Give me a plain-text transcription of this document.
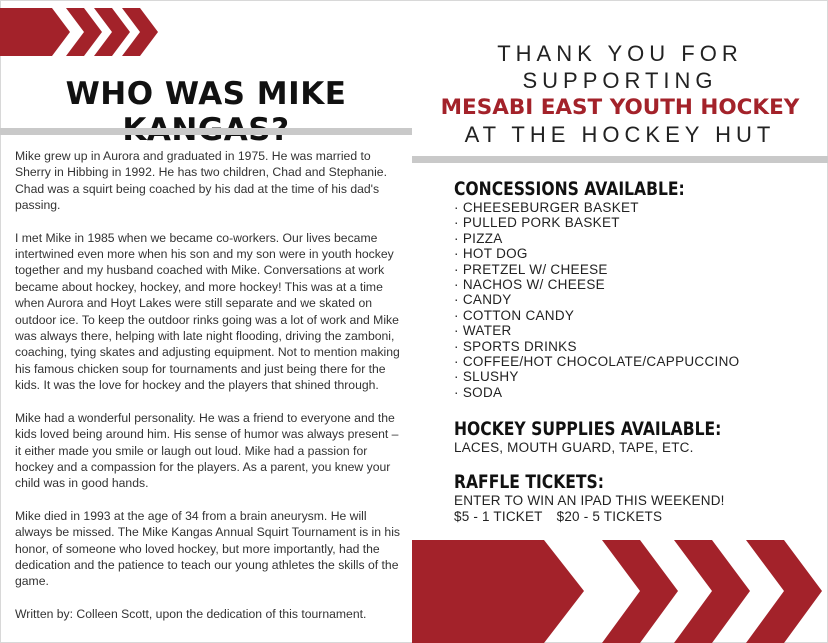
WHO WAS MIKE

Mike grew up in Aurora and graduated in 1975. He was married to Sherry in Hibbing in 1992. He has two children, Chad and Stephanie. Chad was a squirt being coached by his dad at the time of his dad's passing.

I met Mike in 1985 when we became co-workers. Our lives became intertwined even more when his son and my son were in youth hockey together and my husband coached with Mike. Conversations at work became about hockey, hockey, and more hockey! This was at a time when Aurora and Hoyt Lakes were still separate and we skated on outdoor ice. To keep the outdoor rinks going was a lot of work and Mike was always there, helping with late night flooding, driving the zamboni, coaching, tying skates and adjusting equipment. Not to mention making his famous chicken soup for tournaments and just being there for the kids. It was the love for hockey and the players that shined through.

Mike had a wonderful personality. He was a friend to everyone and the kids loved being around him. His sense of humor was always present – it either made you smile or laugh out loud. Mike had a passion for hockey and a compassion for the players. As a parent, you knew your child was in good hands.

Mike died in 1993 at the age of 34 from a brain aneurysm. He will always be missed. The Mike Kangas Annual Squirt Tournament is in his honor, of someone who loved hockey, but more importantly, had the dedication and the patience to teach our young athletes the skills of the game.

Written by: Colleen Scott, upon the dedication of this tournament.

THANK YOU FOR
SUPPORTING
MESABI EAST YOUTH HOCKEY
AT THE HOCKEY HUT
CONCESSIONS AVAILABLE:
· CHEESEBURGER BASKET
· PULLED PORK BASKET
· PIZZA
· HOT DOG
· PRETZEL W/ CHEESE
· NACHOS W/ CHEESE
· CANDY
· COTTON CANDY
· WATER
· SPORTS DRINKS
· COFFEE/HOT CHOCOLATE/CAPPUCCINO
· SLUSHY
· SODA
HOCKEY SUPPLIES AVAILABLE:
LACES, MOUTH GUARD, TAPE, ETC.
RAFFLE TICKETS:
ENTER TO WIN AN IPAD THIS WEEKEND!
$5 - 1 TICKET $20 - 5 TICKETS
